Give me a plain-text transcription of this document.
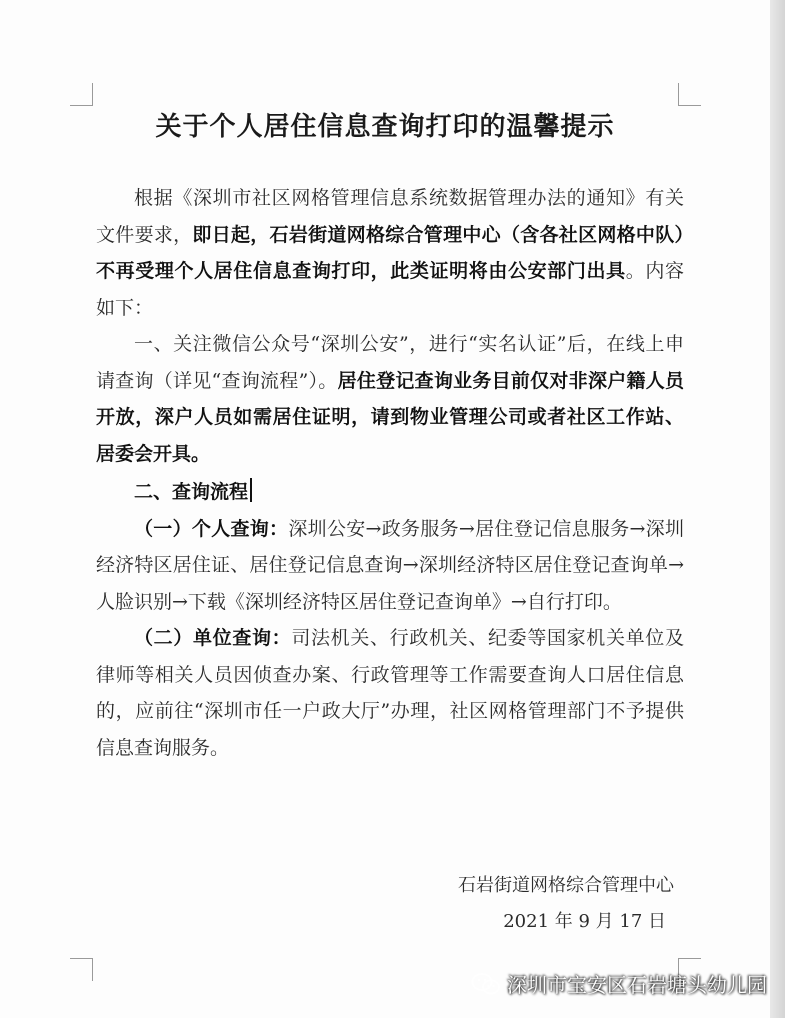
关于个人居住信息查询打印的温馨提示

根据《深圳市社区网格管理信息系统数据管理办法的通知》有关文件要求，即日起，石岩街道网格综合管理中心（含各社区网格中队）不再受理个人居住信息查询打印，此类证明将由公安部门出具。内容如下：

一、关注微信公众号“深圳公安”，进行“实名认证”后，在线上申请查询（详见“查询流程”）。居住登记查询业务目前仅对非深户籍人员开放，深户人员如需居住证明，请到物业管理公司或者社区工作站、居委会开具。

二、查询流程

（一）个人查询：深圳公安→政务服务→居住登记信息服务→深圳经济特区居住证、居住登记信息查询→深圳经济特区居住登记查询单→人脸识别→下载《深圳经济特区居住登记查询单》→自行打印。

（二）单位查询：司法机关、行政机关、纪委等国家机关单位及律师等相关人员因侦查办案、行政管理等工作需要查询人口居住信息的，应前往“深圳市任一户政大厅”办理，社区网格管理部门不予提供信息查询服务。

石岩街道网格综合管理中心
2021 年 9 月 17 日
深圳市宝安区石岩塘头幼儿园
